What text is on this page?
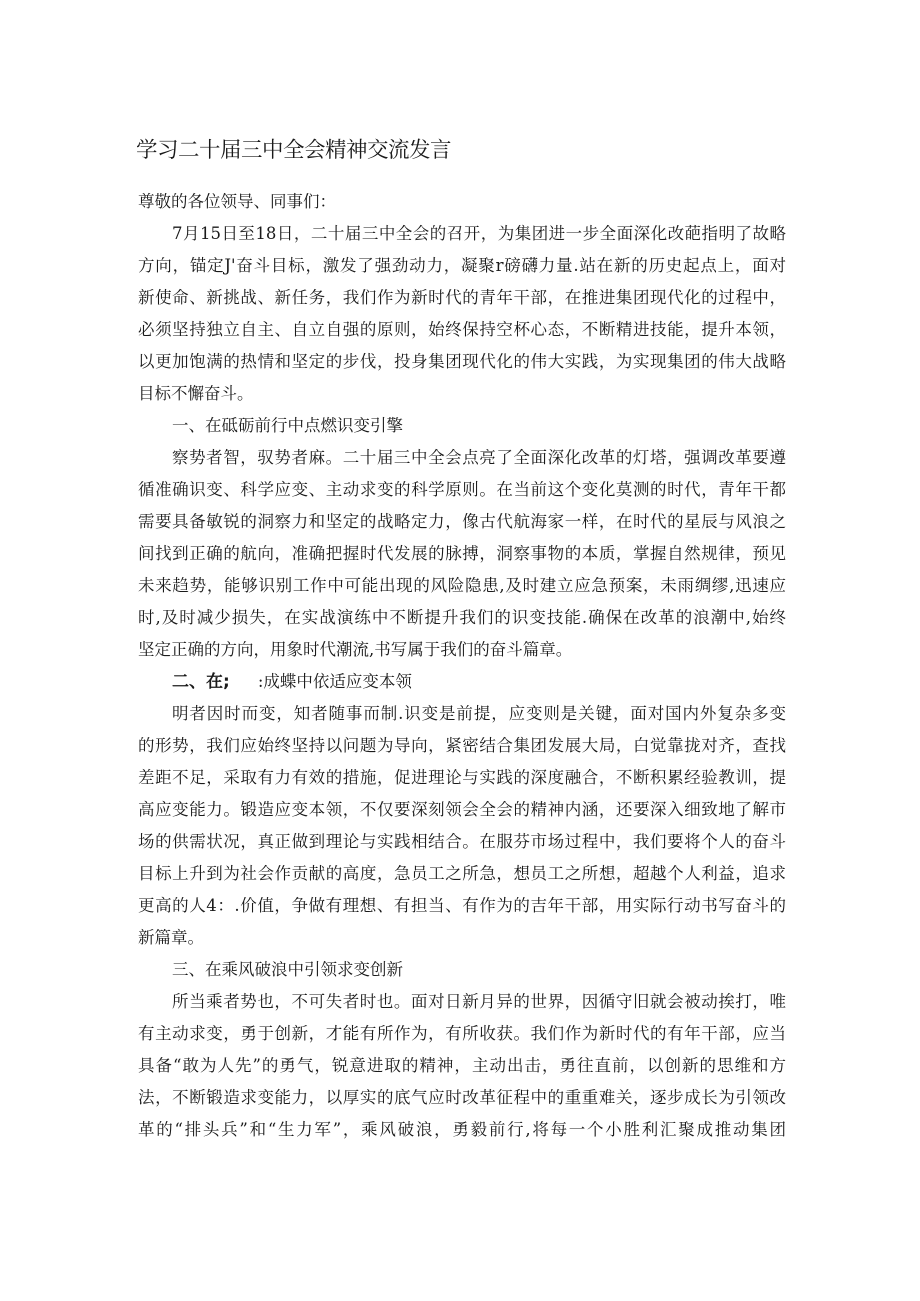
学习二十届三中全会精神交流发言
尊敬的各位领导、同事们：
7月15日至18日，二十届三中全会的召开，为集团进一步全面深化改葩指明了故略
方向，锚定J'奋斗目标，激发了强劲动力，凝聚r磅礴力量.站在新的历史起点上，面对
新使命、新挑战、新任务，我们作为新时代的青年干部，在推进集团现代化的过程中，
必须坚持独立自主、自立自强的原则，始终保持空杯心态，不断精进技能，提升本领，
以更加饱满的热情和坚定的步伐，投身集团现代化的伟大实践，为实现集团的伟大战略
目标不懈奋斗。
一、在砥砺前行中点燃识变引擎
察势者智，驭势者麻。二十届三中全会点亮了全面深化改革的灯塔，强调改革要遵
循准确识变、科学应变、主动求变的科学原则。在当前这个变化莫测的时代，青年干都
需要具备敏锐的洞察力和坚定的战略定力，像古代航海家一样，在时代的星辰与风浪之
间找到正确的航向，准确把握时代发展的脉搏，洞察事物的本质，掌握自然规律，预见
未来趋势，能够识别工作中可能出现的风险隐患,及时建立应急预案，未雨绸缪,迅速应
时,及时减少损失，在实战演练中不断提升我们的识变技能.确保在改革的浪潮中,始终
坚定正确的方向，用象时代潮流,书写属于我们的奋斗篇章。
二、在; :成蝶中依适应变本领
明者因时而变，知者随事而制.识变是前提，应变则是关键，面对国内外复杂多变
的形势，我们应始终坚持以问题为导向，紧密结合集团发展大局，白觉靠拢对齐，查找
差距不足，采取有力有效的措施，促进理论与实践的深度融合，不断积累经验教训，提
高应变能力。锻造应变本领，不仅要深刻领会全会的精神内涵，还要深入细致地了解市
场的供需状况，真正做到理论与实践相结合。在服芬市场过程中，我们要将个人的奋斗
目标上升到为社会作贡献的高度，急员工之所急，想员工之所想，超越个人利益，追求
更高的人4：.价值，争做有理想、有担当、有作为的吉年干部，用实际行动书写奋斗的
新篇章。
三、在乘风破浪中引领求变创新
所当乘者势也，不可失者时也。面对日新月异的世界，因循守旧就会被动挨打，唯
有主动求变，勇于创新，才能有所作为，有所收获。我们作为新时代的有年干部，应当
具备“敢为人先”的勇气，锐意进取的精神，主动出击，勇往直前，以创新的思维和方
法，不断锻造求变能力，以厚实的底气应时改革征程中的重重难关，逐步成长为引领改
革的“排头兵”和“生力军”，乘风破浪，勇毅前行,将每一个小胜利汇聚成推动集团
